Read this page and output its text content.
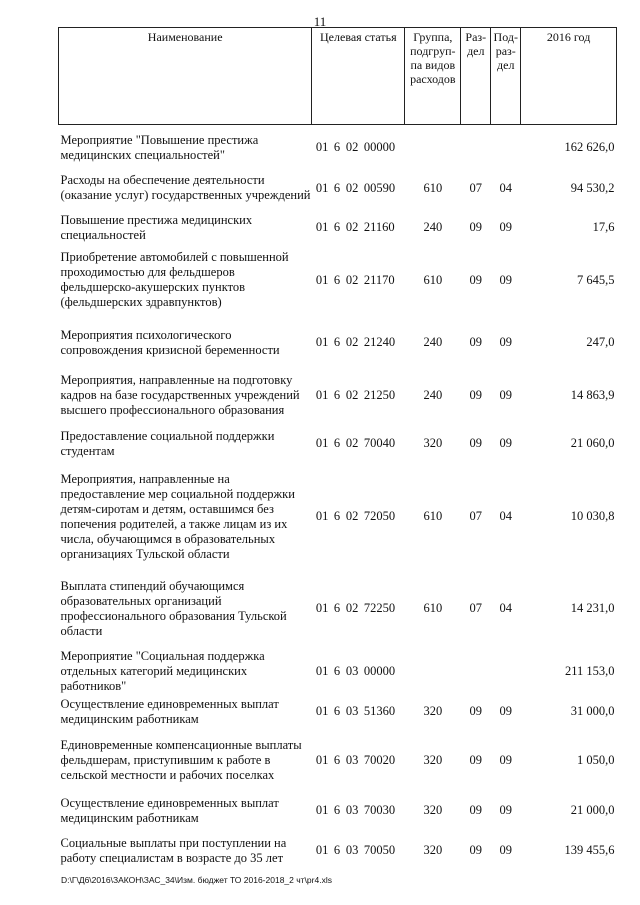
11
Наименование	Целевая статья	Группа, подгруп-па видов расходов	Раз-дел	Под-раз-дел	2016 год

Мероприятие "Повышение престижа медицинских специальностей"	01 6 02 00000				162 626,0
Расходы на обеспечение деятельности (оказание услуг) государственных учреждений	01 6 02 00590	610	07	04	94 530,2
Повышение престижа медицинских специальностей	01 6 02 21160	240	09	09	17,6
Приобретение автомобилей с повышенной проходимостью для фельдшеров фельдшерско-акушерских пунктов (фельдшерских здравпунктов)	01 6 02 21170	610	09	09	7 645,5
Мероприятия психологического сопровождения кризисной беременности	01 6 02 21240	240	09	09	247,0
Мероприятия, направленные на подготовку кадров на базе государственных учреждений высшего профессионального образования	01 6 02 21250	240	09	09	14 863,9
Предоставление социальной поддержки студентам	01 6 02 70040	320	09	09	21 060,0
Мероприятия, направленные на предоставление мер социальной поддержки детям-сиротам и детям, оставшимся без попечения родителей, а также лицам из их числа, обучающимся в образовательных организациях Тульской области	01 6 02 72050	610	07	04	10 030,8
Выплата стипендий обучающимся образовательных организаций профессионального образования Тульской области	01 6 02 72250	610	07	04	14 231,0
Мероприятие "Социальная поддержка отдельных категорий медицинских работников"	01 6 03 00000				211 153,0
Осуществление единовременных выплат медицинским работникам	01 6 03 51360	320	09	09	31 000,0
Единовременные компенсационные выплаты фельдшерам, приступившим к работе в сельской местности и рабочих поселках	01 6 03 70020	320	09	09	1 050,0
Осуществление единовременных выплат медицинским работникам	01 6 03 70030	320	09	09	21 000,0
Социальные выплаты при поступлении на работу специалистам в возрасте до 35 лет	01 6 03 70050	320	09	09	139 455,6
D:\Г\Д6\2016\ЗАКОН\ЗАС_34\Изм. бюджет ТО 2016-2018_2 чт\pr4.xls
